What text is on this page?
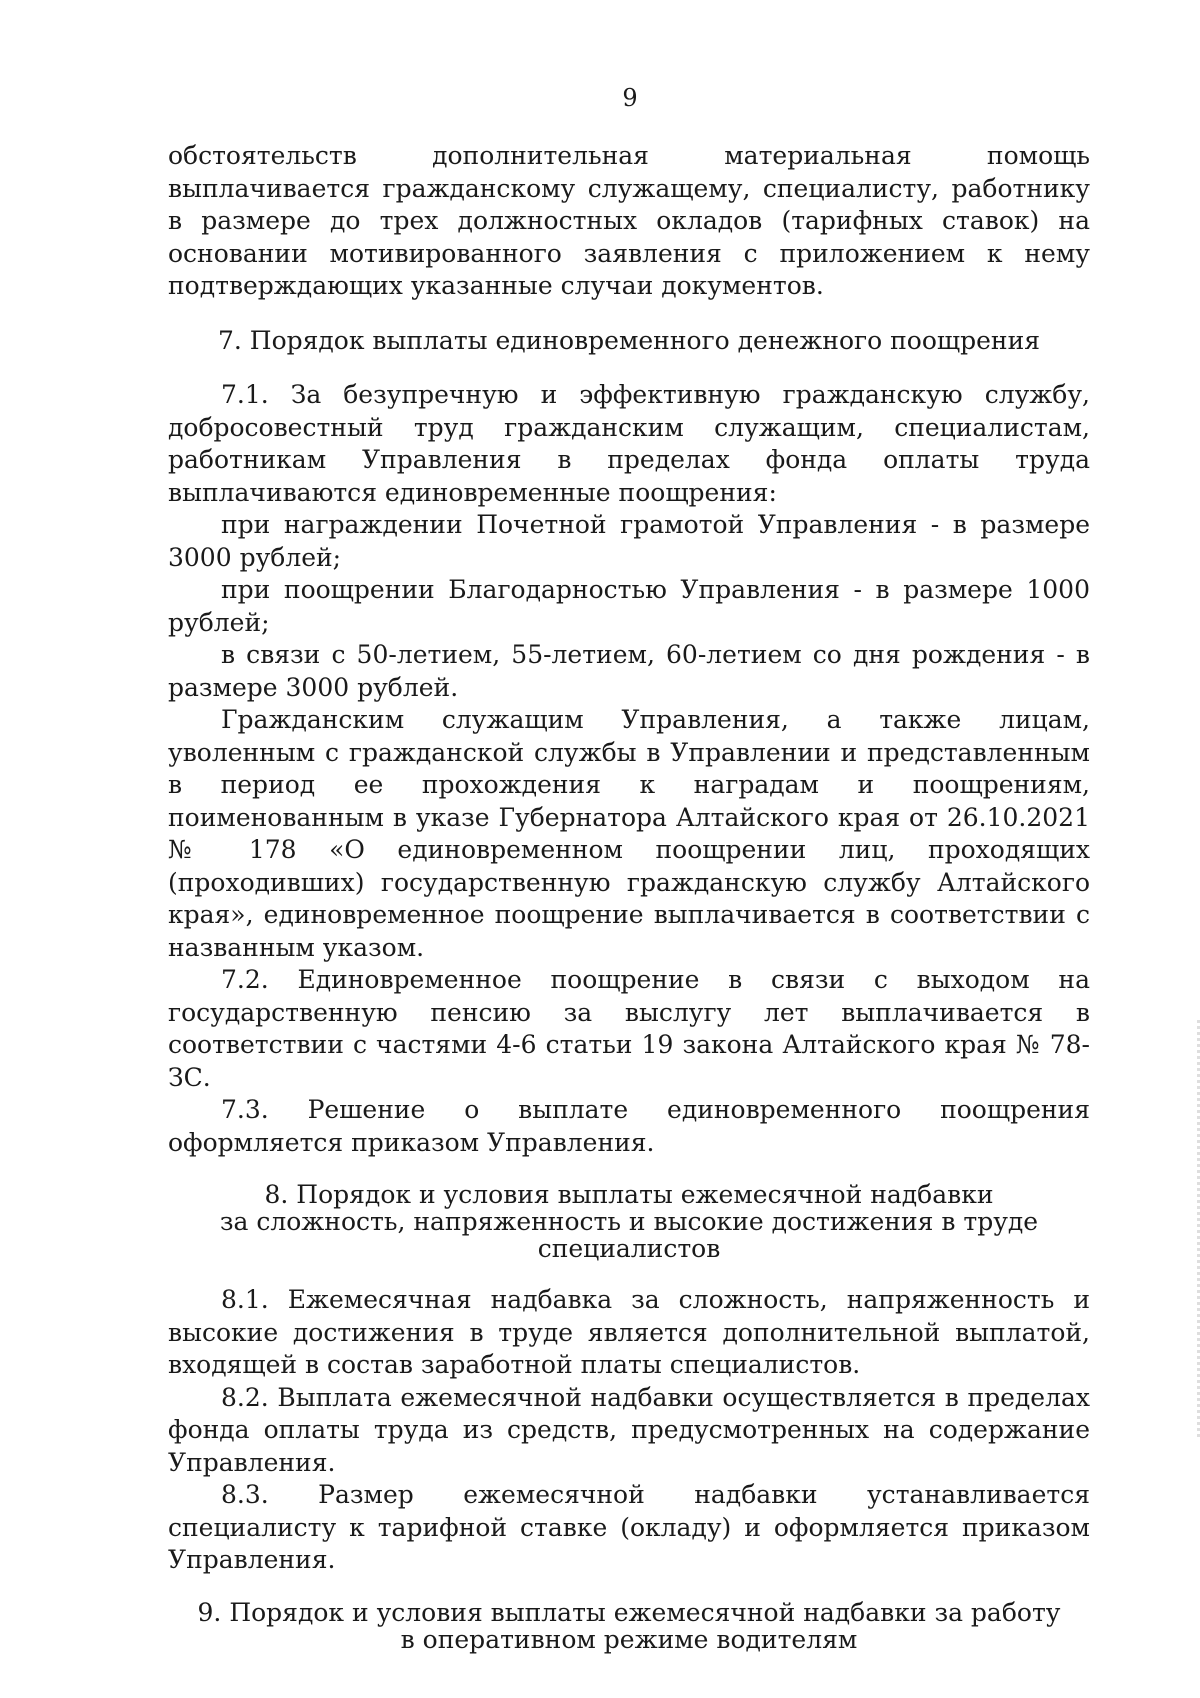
9

обстоятельств дополнительная материальная помощь выплачивается гражданскому служащему, специалисту, работнику в размере до трех должностных окладов (тарифных ставок) на основании мотивированного заявления с приложением к нему подтверждающих указанные случаи документов.

7. Порядок выплаты единовременного денежного поощрения

7.1. За безупречную и эффективную гражданскую службу, добросовестный труд гражданским служащим, специалистам, работникам Управления в пределах фонда оплаты труда выплачиваются единовременные поощрения:

при награждении Почетной грамотой Управления - в размере 3000 рублей;

при поощрении Благодарностью Управления - в размере 1000 рублей;

в связи с 50-летием, 55-летием, 60-летием со дня рождения - в размере 3000 рублей.

Гражданским служащим Управления, а также лицам, уволенным с гражданской службы в Управлении и представленным в период ее прохождения к наградам и поощрениям, поименованным в указе Губернатора Алтайского края от 26.10.2021 № 178 «О единовременном поощрении лиц, проходящих (проходивших) государственную гражданскую службу Алтайского края», единовременное поощрение выплачивается в соответствии с названным указом.

7.2. Единовременное поощрение в связи с выходом на государственную пенсию за выслугу лет выплачивается в соответствии с частями 4-6 статьи 19 закона Алтайского края № 78-ЗС.

7.3. Решение о выплате единовременного поощрения оформляется приказом Управления.

8. Порядок и условия выплаты ежемесячной надбавки

за сложность, напряженность и высокие достижения в труде

специалистов

8.1. Ежемесячная надбавка за сложность, напряженность и высокие достижения в труде является дополнительной выплатой, входящей в состав заработной платы специалистов.

8.2. Выплата ежемесячной надбавки осуществляется в пределах фонда оплаты труда из средств, предусмотренных на содержание Управления.

8.3. Размер ежемесячной надбавки устанавливается специалисту к тарифной ставке (окладу) и оформляется приказом Управления.

9. Порядок и условия выплаты ежемесячной надбавки за работу

в оперативном режиме водителям
